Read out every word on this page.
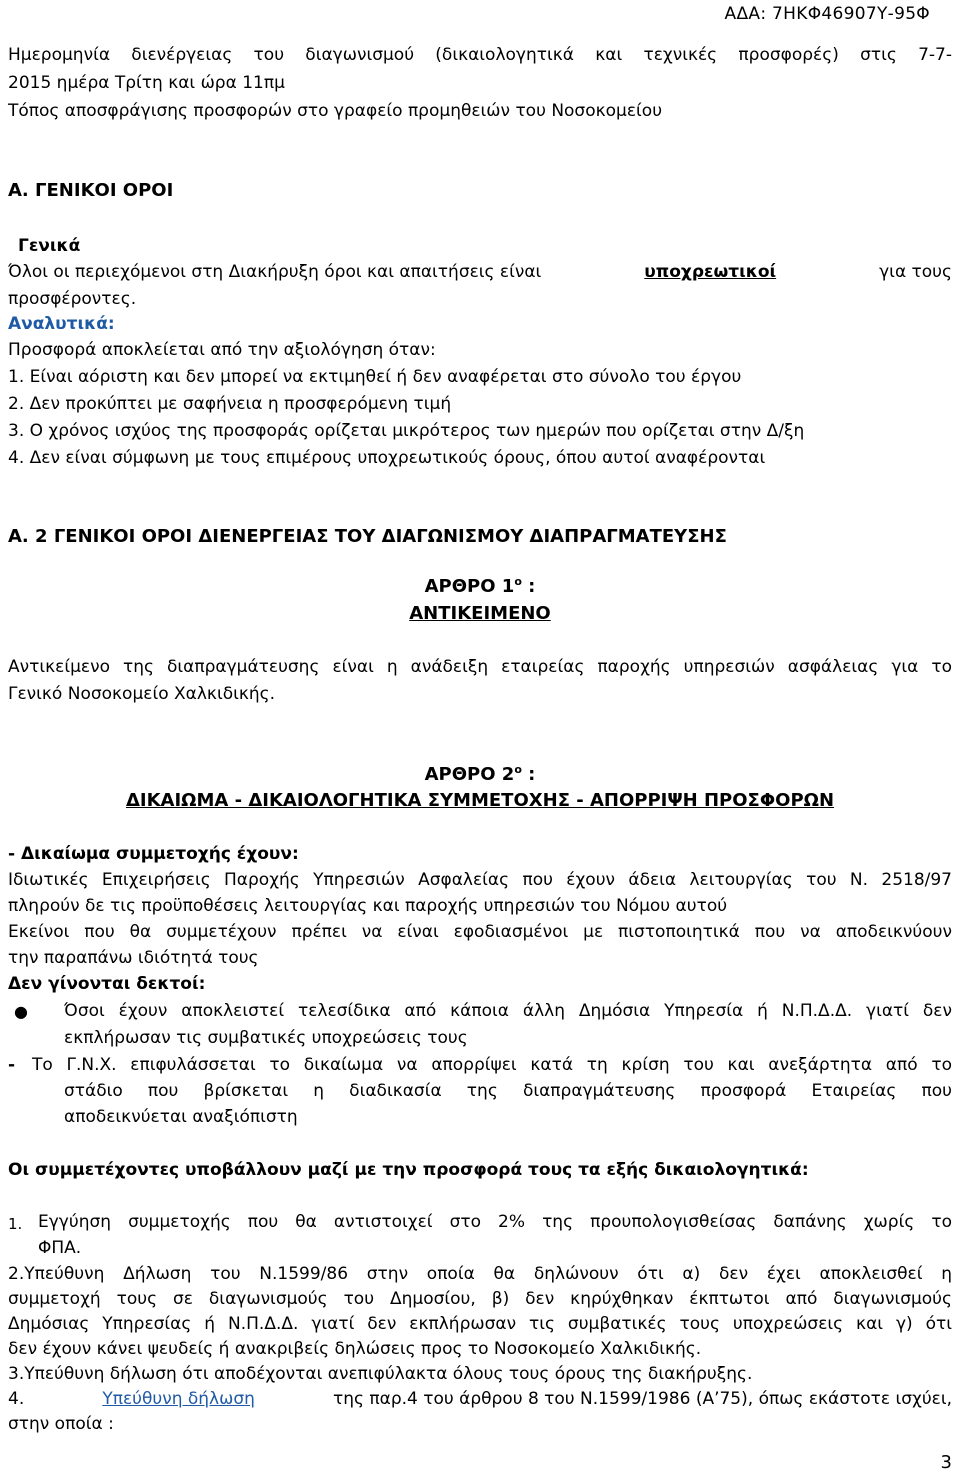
ΑΔΑ: 7ΗΚΦ46907Υ-95Φ
Ημερομηνία διενέργειας του διαγωνισμού (δικαιολογητικά και τεχνικές προσφορές) στις 7-7-
2015 ημέρα Τρίτη και ώρα 11πμ
Τόπος αποσφράγισης προσφορών στο γραφείο προμηθειών του Νοσοκομείου
Α. ΓΕΝΙΚΟΙ ΟΡΟΙ
Γενικά
Όλοι οι περιεχόμενοι στη Διακήρυξη όροι και απαιτήσεις είναι	υποχρεωτικοί	για τους
προσφέροντες.
Αναλυτικά:
Προσφορά αποκλείεται από την αξιολόγηση όταν:
1. Είναι αόριστη και δεν μπορεί να εκτιμηθεί ή δεν αναφέρεται στο σύνολο του έργου
2. Δεν προκύπτει με σαφήνεια η προσφερόμενη τιμή
3. Ο χρόνος ισχύος της προσφοράς ορίζεται μικρότερος των ημερών που ορίζεται στην Δ/ξη
4. Δεν είναι σύμφωνη με τους επιμέρους υποχρεωτικούς όρους, όπου αυτοί αναφέρονται
Α. 2 ΓΕΝΙΚΟΙ ΟΡΟΙ ΔΙΕΝΕΡΓΕΙΑΣ ΤΟΥ ΔΙΑΓΩΝΙΣΜΟΥ ΔΙΑΠΡΑΓΜΑΤΕΥΣΗΣ
ΑΡΘΡΟ $1^o$ :
ΑΝΤΙΚΕΙΜΕΝΟ
Αντικείμενο της διαπραγμάτευσης είναι η ανάδειξη εταιρείας παροχής υπηρεσιών ασφάλειας για το
Γενικό Νοσοκομείο Χαλκιδικής.
ΑΡΘΡΟ $2^o$ :
ΔΙΚΑΙΩΜΑ - ΔΙΚΑΙΟΛΟΓΗΤΙΚΑ ΣΥΜΜΕΤΟΧΗΣ - ΑΠΟΡΡΙΨΗ ΠΡΟΣΦΟΡΩΝ
- Δικαίωμα συμμετοχής έχουν:
Ιδιωτικές Επιχειρήσεις Παροχής Υπηρεσιών Ασφαλείας που έχουν άδεια λειτουργίας του Ν. 2518/97
πληρούν δε τις προϋποθέσεις λειτουργίας και παροχής υπηρεσιών του Νόμου αυτού
Εκείνοι που θα συμμετέχουν πρέπει να είναι εφοδιασμένοι με πιστοποιητικά που να αποδεικνύουν
την παραπάνω ιδιότητά τους
Δεν γίνονται δεκτοί:
● Όσοι έχουν αποκλειστεί τελεσίδικα από κάποια άλλη Δημόσια Υπηρεσία ή Ν.Π.Δ.Δ. γιατί δεν
εκπλήρωσαν τις συμβατικές υποχρεώσεις τους
- Το Γ.Ν.Χ. επιφυλάσσεται το δικαίωμα να απορρίψει κατά τη κρίση του και ανεξάρτητα από το
στάδιο που βρίσκεται η διαδικασία της διαπραγμάτευσης προσφορά Εταιρείας που
αποδεικνύεται αναξιόπιστη
Οι συμμετέχοντες υποβάλλουν μαζί με την προσφορά τους τα εξής δικαιολογητικά:
1. Εγγύηση συμμετοχής που θα αντιστοιχεί στο 2% της προυπολογισθείσας δαπάνης χωρίς το
ΦΠΑ.
2.Υπεύθυνη Δήλωση του Ν.1599/86 στην οποία θα δηλώνουν ότι α) δεν έχει αποκλεισθεί η
συμμετοχή τους σε διαγωνισμούς του Δημοσίου, β) δεν κηρύχθηκαν έκπτωτοι από διαγωνισμούς
Δημόσιας Υπηρεσίας ή Ν.Π.Δ.Δ. γιατί δεν εκπλήρωσαν τις συμβατικές τους υποχρεώσεις και γ) ότι
δεν έχουν κάνει ψευδείς ή ανακριβείς δηλώσεις προς το Νοσοκομείο Χαλκιδικής.
3.Υπεύθυνη δήλωση ότι αποδέχονται ανεπιφύλακτα όλους τους όρους της διακήρυξης.
4.	Υπεύθυνη δήλωση	της παρ.4 του άρθρου 8 του Ν.1599/1986 (Α’75), όπως εκάστοτε ισχύει,
στην οποία :
3
